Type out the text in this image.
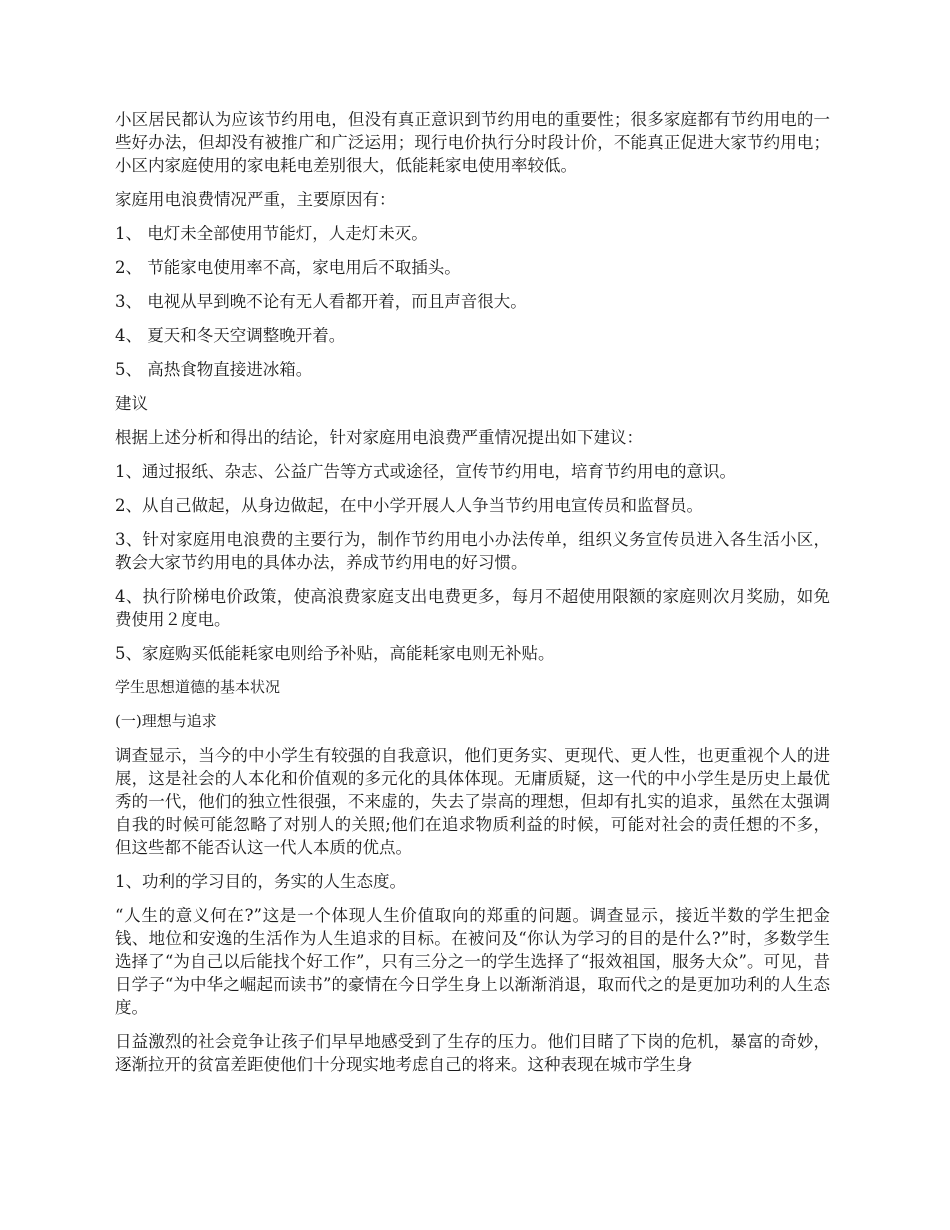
小区居民都认为应该节约用电，但没有真正意识到节约用电的重要性；很多家庭都有节约用电的一些好办法，但却没有被推广和广泛运用；现行电价执行分时段计价，不能真正促进大家节约用电；小区内家庭使用的家电耗电差别很大，低能耗家电使用率较低。

家庭用电浪费情况严重，主要原因有：

1、 电灯未全部使用节能灯，人走灯未灭。

2、 节能家电使用率不高，家电用后不取插头。

3、 电视从早到晚不论有无人看都开着，而且声音很大。

4、 夏天和冬天空调整晚开着。

5、 高热食物直接进冰箱。

建议

根据上述分析和得出的结论，针对家庭用电浪费严重情况提出如下建议：

1、通过报纸、杂志、公益广告等方式或途径，宣传节约用电，培育节约用电的意识。

2、从自己做起，从身边做起，在中小学开展人人争当节约用电宣传员和监督员。

3、针对家庭用电浪费的主要行为，制作节约用电小办法传单，组织义务宣传员进入各生活小区，教会大家节约用电的具体办法，养成节约用电的好习惯。

4、执行阶梯电价政策，使高浪费家庭支出电费更多，每月不超使用限额的家庭则次月奖励，如免费使用２度电。

5、家庭购买低能耗家电则给予补贴，高能耗家电则无补贴。

学生思想道德的基本状况

(一)理想与追求

调查显示，当今的中小学生有较强的自我意识，他们更务实、更现代、更人性，也更重视个人的进展，这是社会的人本化和价值观的多元化的具体体现。无庸质疑，这一代的中小学生是历史上最优秀的一代，他们的独立性很强，不来虚的，失去了崇高的理想，但却有扎实的追求，虽然在太强调自我的时候可能忽略了对别人的关照;他们在追求物质利益的时候，可能对社会的责任想的不多，但这些都不能否认这一代人本质的优点。

1、功利的学习目的，务实的人生态度。

“人生的意义何在?”这是一个体现人生价值取向的郑重的问题。调查显示，接近半数的学生把金钱、地位和安逸的生活作为人生追求的目标。在被问及“你认为学习的目的是什么?”时，多数学生选择了“为自己以后能找个好工作”，只有三分之一的学生选择了“报效祖国，服务大众”。可见，昔日学子“为中华之崛起而读书”的豪情在今日学生身上以渐渐消退，取而代之的是更加功利的人生态度。

日益激烈的社会竞争让孩子们早早地感受到了生存的压力。他们目睹了下岗的危机，暴富的奇妙，逐渐拉开的贫富差距使他们十分现实地考虑自己的将来。这种表现在城市学生身
